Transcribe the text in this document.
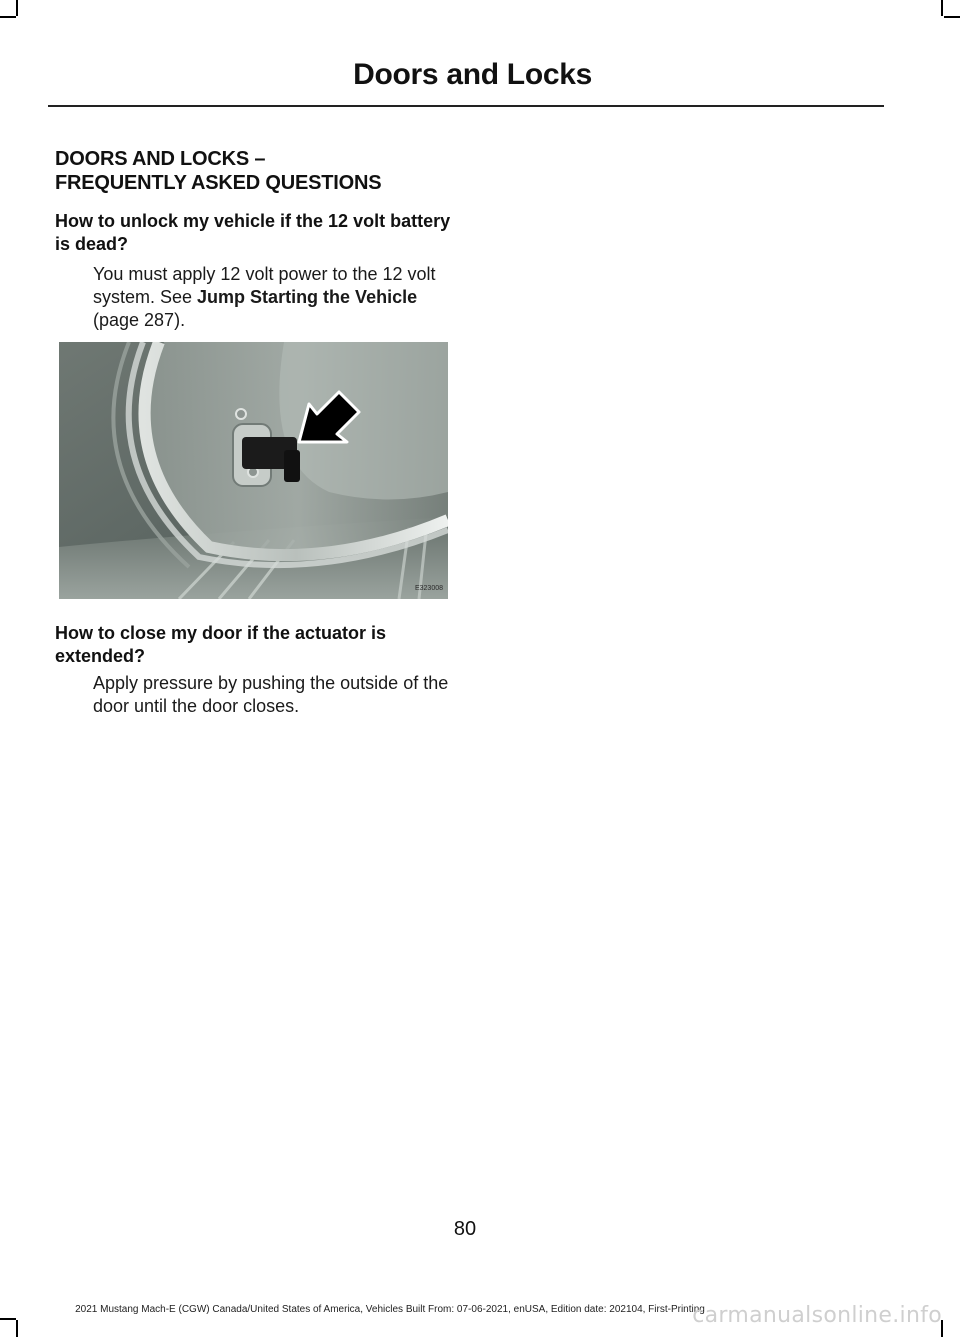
Doors and Locks
DOORS AND LOCKS –
FREQUENTLY ASKED QUESTIONS
How to unlock my vehicle if the 12 volt battery is dead?
You must apply 12 volt power to the 12 volt system. See Jump Starting the Vehicle (page 287).
E323008
How to close my door if the actuator is extended?
Apply pressure by pushing the outside of the door until the door closes.
80
2021 Mustang Mach-E (CGW) Canada/United States of America, Vehicles Built From: 07-06-2021, enUSA, Edition date: 202104, First-Printing
carmanualsonline.info
